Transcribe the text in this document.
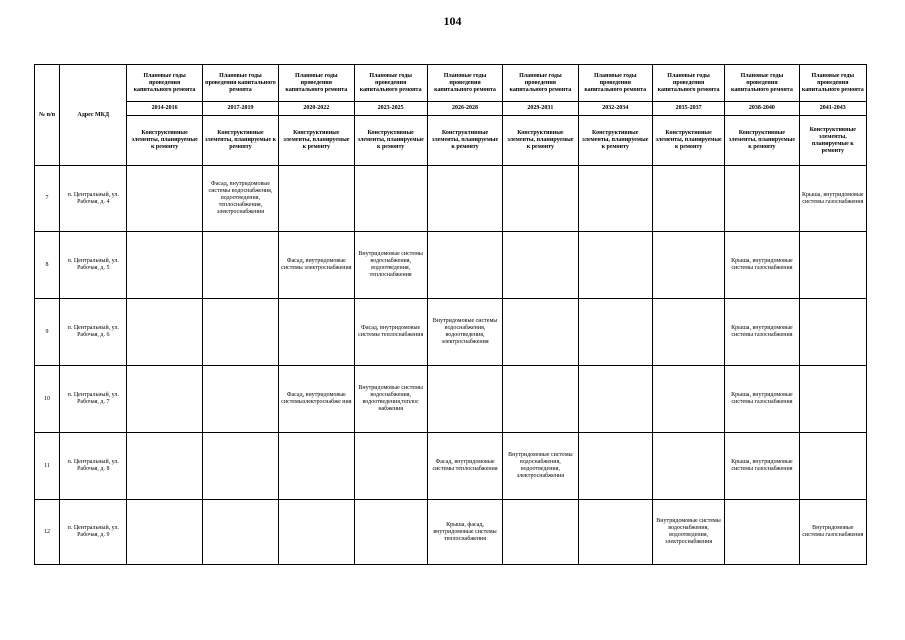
104
№ п/п	Адрес МКД	Плановые годы проведения капитального ремонта	Плановые годы проведения капитального ремонта	Плановые годы проведения капитального ремонта	Плановые годы проведения капитального ремонта	Плановые годы проведения капитального ремонта	Плановые годы проведения капитального ремонта	Плановые годы проведения капитального ремонта	Плановые годы проведения капитального ремонта	Плановые годы проведения капитального ремонта	Плановые годы проведения капитального ремонта
		2014-2016	2017-2019	2020-2022	2023-2025	2026-2028	2029-2031	2032-2034	2035-2037	2038-2040	2041-2043
		Конструктивные элементы, планируемые к ремонту	Конструктивные элементы, планируемые к ремонту	Конструктивные элементы, планируемые к ремонту	Конструктивные элементы, планируемые к ремонту	Конструктивные элементы, планируемые к ремонту	Конструктивные элементы, планируемые к ремонту	Конструктивные элементы, планируемые к ремонту	Конструктивные элементы, планируемые к ремонту	Конструктивные элементы, планируемые к ремонту	Конструктивные элементы, планируемые к ремонту
7	п. Центральный, ул. Рабочая, д. 4		Фасад, внутридомовые системы водоснабжения, водоотведения, теплоснабжения, электроснабжения								Крыша, внутридомовые системы газоснабжения
8	п. Центральный, ул. Рабочая, д. 5			Фасад, внутридомовые системы электроснабжения	Внутридомовые системы водоснабжения, водоотведения, теплоснабжения					Крыша, внутридомовые системы газоснабжения	
9	п. Центральный, ул. Рабочая, д. 6				Фасад, внутридомовые системы теплоснабжения	Внутридомовые системы водоснабжения, водоотведения, электроснабжения				Крыша, внутридомовые системы газоснабжения	
10	п. Центральный, ул. Рабочая, д. 7			Фасад, внутридомовые системыэлектроснабже ния	Внутридомовые системы водоснабжения, водоотведения,теплос набжения					Крыша, внутридомовые системы газоснабжения	
11	п. Центральный, ул. Рабочая, д. 8					Фасад, внутридомовые системы теплоснабжения	Внутридомовые системы водоснабжения, водоотведения, электроснабжения			Крыша, внутридомовые системы газоснабжения	
12	п. Центральный, ул. Рабочая, д. 9					Крыша, фасад, внутридомовые системы теплоснабжения			Внутридомовые системы водоснабжения, водоотведения, электроснабжения		Внутридомовые системы газоснабжения
